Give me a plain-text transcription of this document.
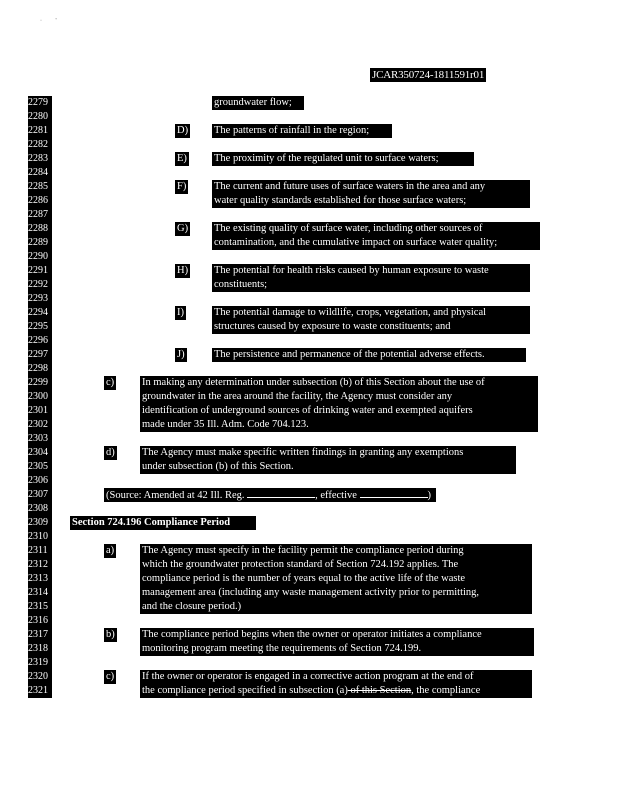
·         '
JCAR350724-1811591r01
2279
2280
2281
2282
2283
2284
2285
2286
2287
2288
2289
2290
2291
2292
2293
2294
2295
2296
2297
2298
2299
2300
2301
2302
2303
2304
2305
2306
2307
2308
2309
2310
2311
2312
2313
2314
2315
2316
2317
2318
2319
2320
2321
groundwater flow;
D) The patterns of rainfall in the region;
E)	The proximity of the regulated unit to surface waters;
F)	The current and future uses of surface waters in the area and any
water quality standards established for those surface waters;
G) The existing quality of surface water, including other sources of
contamination, and the cumulative impact on surface water quality;
H) The potential for health risks caused by human exposure to waste
constituents;
I)	The potential damage to wildlife, crops, vegetation, and physical
structures caused by exposure to waste constituents; and
J)	The persistence and permanence of the potential adverse effects.
c)	In making any determination under subsection (b) of this Section about the use of
groundwater in the area around the facility, the Agency must consider any
identification of underground sources of drinking water and exempted aquifers
made under 35 Ill. Adm. Code 704.123.
d)	The Agency must make specific written findings in granting any exemptions
under subsection (b) of this Section.
(Source: Amended at 42 Ill. Reg.	, effective	)
Section 724.196 Compliance Period
a)	The Agency must specify in the facility permit the compliance period during
which the groundwater protection standard of Section 724.192 applies. The
compliance period is the number of years equal to the active life of the waste
management area (including any waste management activity prior to permitting,
and the closure period.)
b)	The compliance period begins when the owner or operator initiates a compliance
monitoring program meeting the requirements of Section 724.199.
c)	If the owner or operator is engaged in a corrective action program at the end of
the compliance period specified in subsection (a) of this Section, the compliance
